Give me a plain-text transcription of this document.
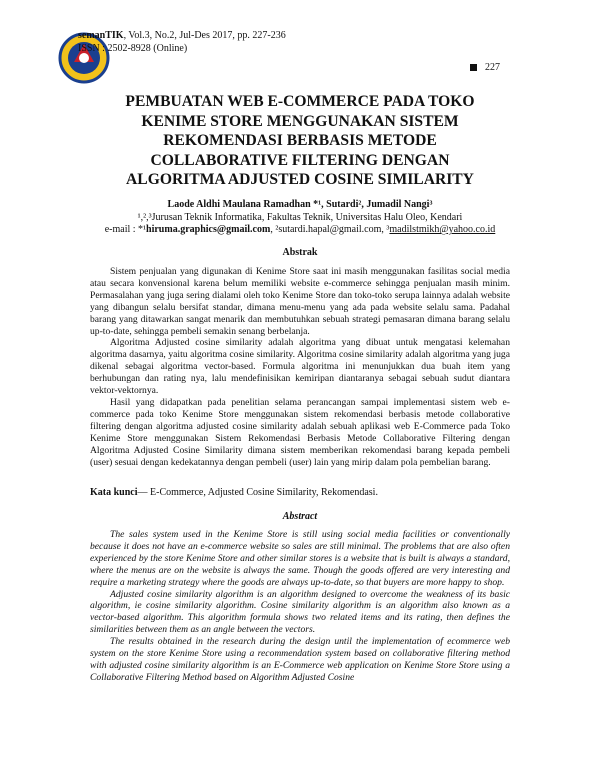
semanTIK, Vol.3, No.2, Jul-Des 2017, pp. 227-236
ISSN : 2502-8928 (Online)
227
PEMBUATAN WEB E-COMMERCE PADA TOKO
KENIME STORE MENGGUNAKAN SISTEM
REKOMENDASI BERBASIS METODE
COLLABORATIVE FILTERING DENGAN
ALGORITMA ADJUSTED COSINE SIMILARITY
Laode Aldhi Maulana Ramadhan *¹, Sutardi², Jumadil Nangi³
¹,²,³Jurusan Teknik Informatika, Fakultas Teknik, Universitas Halu Oleo, Kendari
e-mail : *¹hiruma.graphics@gmail.com, ²sutardi.hapal@gmail.com, ³madilstmikh@yahoo.co.id
Abstrak

Sistem penjualan yang digunakan di Kenime Store saat ini masih menggunakan fasilitas social media atau secara konvensional karena belum memiliki website e-commerce sehingga penjualan masih minim. Permasalahan yang juga sering dialami oleh toko Kenime Store dan toko-toko serupa lainnya adalah website yang dibangun selalu bersifat standar, dimana menu-menu yang ada pada website selalu sama. Padahal barang yang ditawarkan sangat menarik dan membutuhkan sebuah strategi pemasaran dimana barang selalu up-to-date, sehingga pembeli semakin senang berbelanja.

Algoritma Adjusted cosine similarity adalah algoritma yang dibuat untuk mengatasi kelemahan algoritma dasarnya, yaitu algoritma cosine similarity. Algoritma cosine similarity adalah algoritma yang juga dikenal sebagai algoritma vector-based. Formula algoritma ini menunjukkan dua buah item yang berhubungan dan rating nya, lalu mendefinisikan kemiripan diantaranya sebagai sebuah sudut diantara vektor-vektornya.

Hasil yang didapatkan pada penelitian selama perancangan sampai implementasi sistem web e-commerce pada toko Kenime Store menggunakan sistem rekomendasi berbasis metode collaborative filtering dengan algoritma adjusted cosine similarity adalah sebuah aplikasi web E-Commerce pada Toko Kenime Store menggunakan Sistem Rekomendasi Berbasis Metode Collaborative Filtering dengan Algoritma Adjusted Cosine Similarity dimana sistem memberikan rekomendasi barang kepada pembeli (user) sesuai dengan kedekatannya dengan pembeli (user) lain yang mirip dalam pola pembelian barang.

Kata kunci— E-Commerce, Adjusted Cosine Similarity, Rekomendasi.
Abstract

The sales system used in the Kenime Store is still using social media facilities or conventionally because it does not have an e-commerce website so sales are still minimal. The problems that are also often experienced by the store Kenime Store and other similar stores is a website that is built is always a standard, where the menus are on the website is always the same. Though the goods offered are very interesting and require a marketing strategy where the goods are always up-to-date, so that buyers are more happy to shop.

Adjusted cosine similarity algorithm is an algorithm designed to overcome the weakness of its basic algorithm, ie cosine similarity algorithm. Cosine similarity algorithm is an algorithm also known as a vector-based algorithm. This algorithm formula shows two related items and its rating, then defines the similarities between them as an angle between the vectors.

The results obtained in the research during the design until the implementation of ecommerce web system on the store Kenime Store using a recommendation system based on collaborative filtering method with adjusted cosine similarity algorithm is an E-Commerce web application on Kenime Store Store using a Collaborative Filtering Method based on Algorithm Adjusted Cosine
